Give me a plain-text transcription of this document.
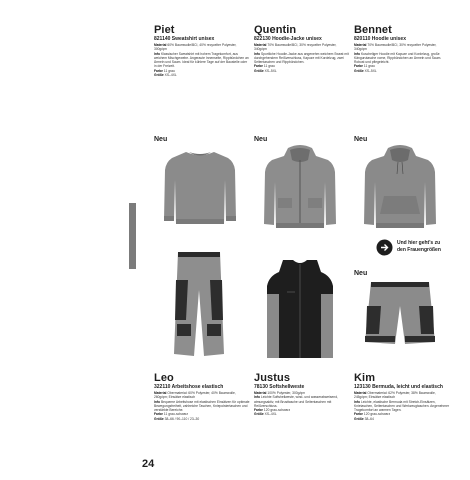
Piet
821140 Sweatshirt unisex
Material 60% Baumwolle/BCI, 40% recycelter Polyester, 300g/qm
Info Klassischer Sweatshirt mit hohem Tragekomfort, aus weichem Mischgewebe. Angeraute Innenseite, Rippbündchen an Ärmeln und Saum. Ideal für kühlere Tage auf der Baustelle oder in der Freizeit.
Farbe 11 grau
Größe XS–4XL
Quentin
822130 Hoodie-Jacke unisex
Material 70% Baumwolle/BCI, 30% recycelter Polyester, 340g/qm
Info Sportliche Hoodie-Jacke aus angenehm weichem Sweat mit durchgehendem Reißverschluss, Kapuze mit Kordelzug, zwei Seitentaschen und Rippbündchen.
Farbe 11 grau
Größe XS–5XL
Bennet
820110 Hoodie unisex
Material 70% Baumwolle/BCI, 30% recycelter Polyester, 340g/qm
Info Kuscheliger Hoodie mit Kapuze und Kordelzug, große Kängurutasche vorne, Rippbündchen an Ärmeln und Saum. Robust und pflegeleicht.
Farbe 11 grau
Größe XS–5XL
Neu	Neu	Neu
Neu
Und hier geht's zu den Frauengrößen
Leo
322110 Arbeitshose elastisch
Material Obermaterial: 60% Polyester, 40% Baumwolle, 260g/qm; Einsätze elastisch
Info Bequeme Arbeitshose mit elastischen Einsätzen für optimale Bewegungsfreiheit, zahlreiche Taschen, Kniepolstertaschen und verstärkte Bereiche.
Farbe 11 grau-schwarz
Größe 38–66 / 90–110 / 23–30
Justus
78130 Softshellweste
Material 100% Polyester, 300g/qm
Info Leichte Softshellweste, wind- und wasserabweisend, atmungsaktiv, mit Brusttasche und Seitentaschen mit Reißverschluss.
Farbe 120 grau-schwarz
Größe XS–4XL
Kim
123130 Bermuda, leicht und elastisch
Material Obermaterial: 62% Polyester, 38% Baumwolle, 245g/qm; Einsätze elastisch
Info Leichte, elastische Bermuda mit Stretch-Einsätzen, Knietaschen, Seitentaschen und Werkzeugtaschen. Angenehmer Tragekomfort an warmen Tagen.
Farbe 120 grau-schwarz
Größe 38–64
24
